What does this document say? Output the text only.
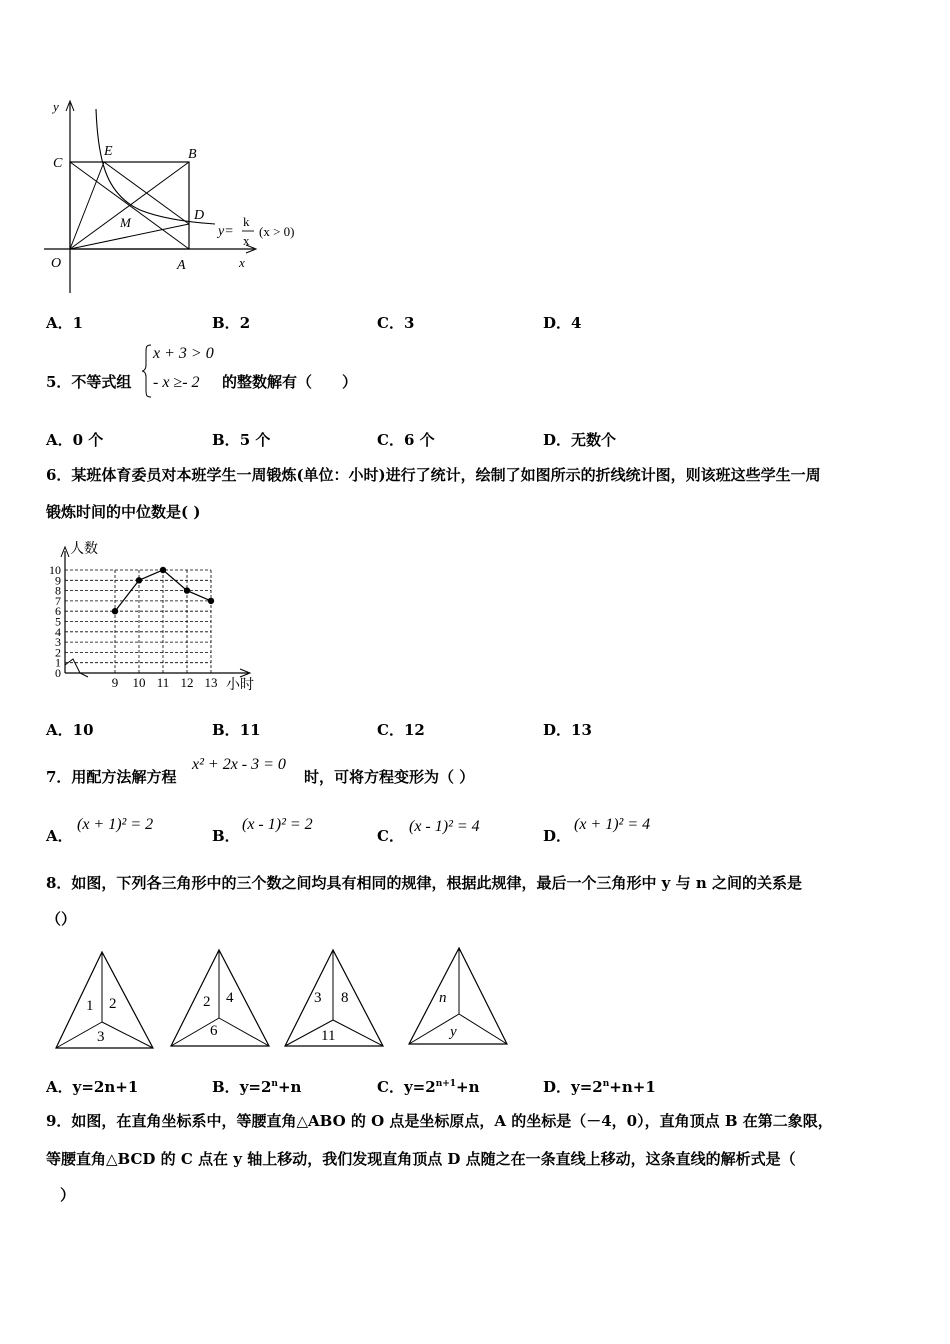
y
C
E	B
D
M
O	A	x
y=
k
x
(x > 0)
A．1	B．2	C．3	D．4
5．不等式组
x + 3 > 0
- x ≥- 2 的整数解有（　　）
A．0 个	B．5 个	C．6 个	D．无数个
6．某班体育委员对本班学生一周锻炼(单位：小时)进行了统计，绘制了如图所示的折线统计图，则该班这些学生一周
锻炼时间的中位数是( )
人数
小时
0
1
2
3
4
5
6
7
8
9
10
9 10 11 12 13
A．10	B．11	C．12	D．13
7．用配方法解方程
x² + 2x - 3 = 0
时，可将方程变形为（ ）
A．
(x + 1)² = 2
B．
(x - 1)² = 2
C．
(x - 1)² = 4
D．
(x + 1)² = 4
8．如图，下列各三角形中的三个数之间均具有相同的规律，根据此规律，最后一个三角形中 y 与 n 之间的关系是
（）
1 2
3
2 4
6
3 8
11
n
y
A．y=2n+1	B．$y=2^n+n$	C．$y=2^{n+1}+n$	D．$y=2^n+n+1$
9．如图，在直角坐标系中，等腰直角△ABO 的 O 点是坐标原点，A 的坐标是（－4，0），直角顶点 B 在第二象限，
等腰直角△BCD 的 C 点在 y 轴上移动，我们发现直角顶点 D 点随之在一条直线上移动，这条直线的解析式是（
）
